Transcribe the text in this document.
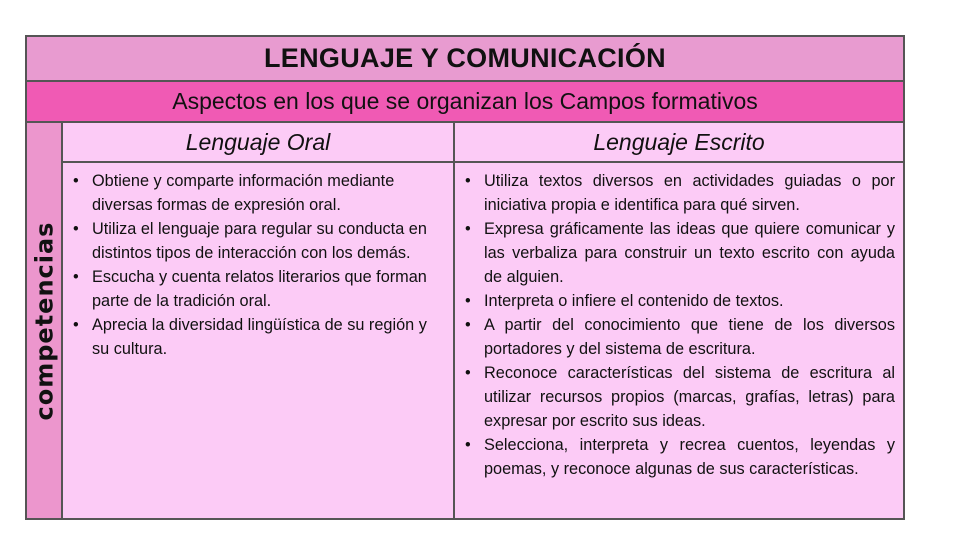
LENGUAJE Y COMUNICACIÓN
Aspectos en los que se organizan los Campos formativos
competencias
Lenguaje Oral	Lenguaje Escrito
• Obtiene y comparte información mediante diversas formas de expresión oral.
• Utiliza el lenguaje para regular su conducta en distintos tipos de interacción con los demás.
• Escucha y cuenta relatos literarios que forman parte de la tradición oral.
• Aprecia la diversidad lingüística de su región y su cultura.
• Utiliza textos diversos en actividades guiadas o por iniciativa propia e identifica para qué sirven.
• Expresa gráficamente las ideas que quiere comunicar y las verbaliza para construir un texto escrito con ayuda de alguien.
• Interpreta o infiere el contenido de textos.
• A partir del conocimiento que tiene de los diversos portadores y del sistema de escritura.
• Reconoce características del sistema de escritura al utilizar recursos propios (marcas, grafías, letras) para expresar por escrito sus ideas.
• Selecciona, interpreta y recrea cuentos, leyendas y poemas, y reconoce algunas de sus características.
